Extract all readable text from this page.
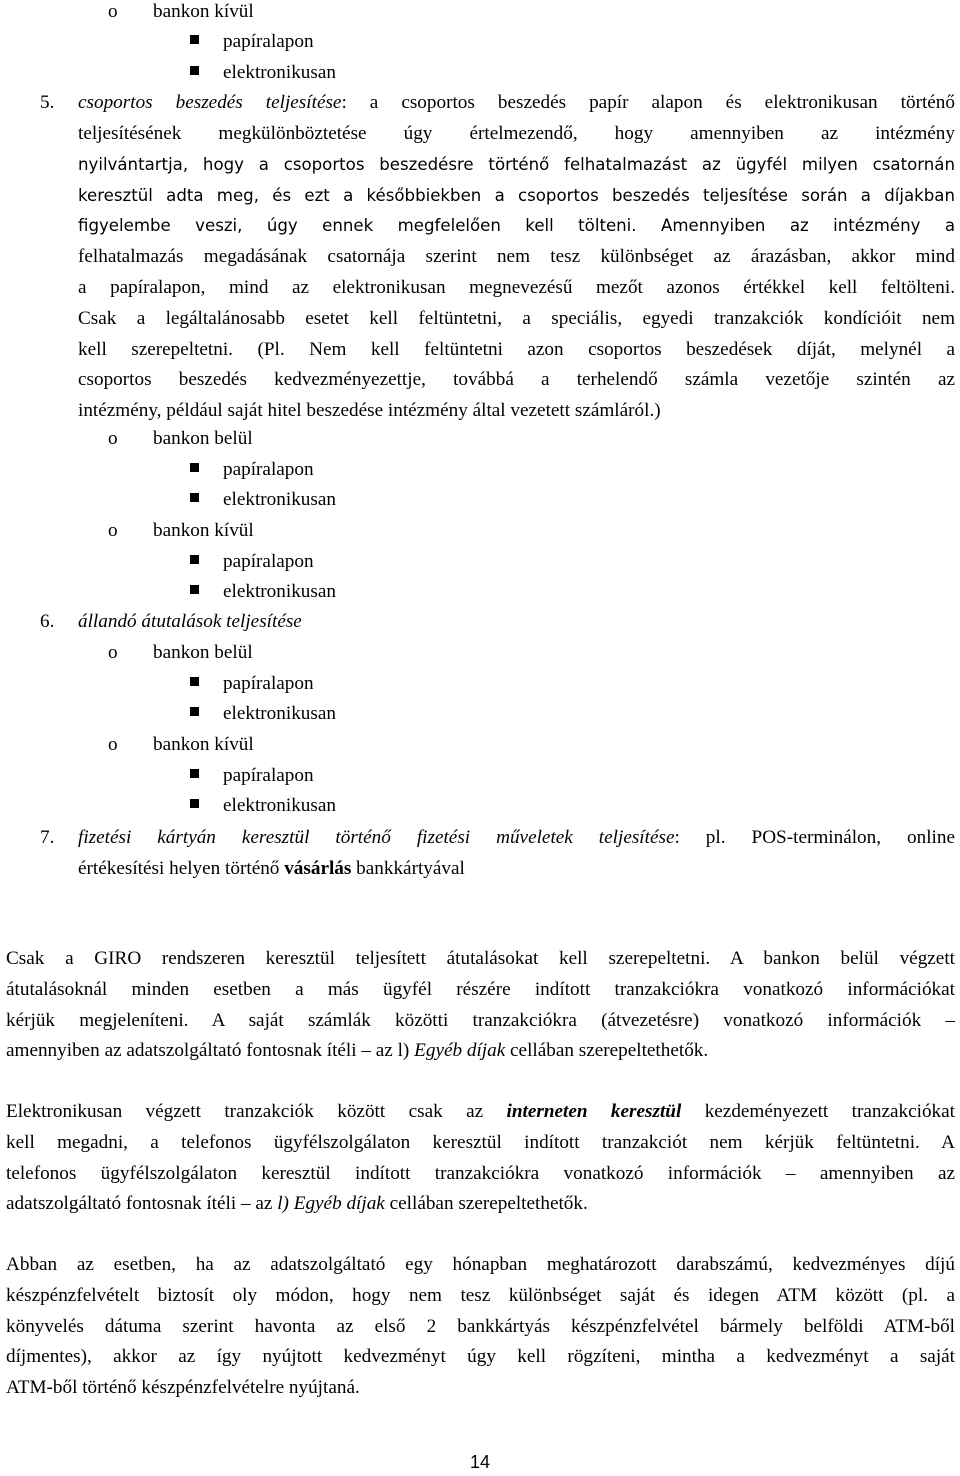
o bankon kívül
papíralapon
elektronikusan
5. csoportos beszedés teljesítése: a csoportos beszedés papír alapon és elektronikusan történő
teljesítésének megkülönböztetése úgy értelmezendő, hogy amennyiben az intézmény
nyilvántartja, hogy a csoportos beszedésre történő felhatalmazást az ügyfél milyen csatornán
keresztül adta meg, és ezt a későbbiekben a csoportos beszedés teljesítése során a díjakban
figyelembe veszi, úgy ennek megfelelően kell tölteni. Amennyiben az intézmény a
felhatalmazás megadásának csatornája szerint nem tesz különbséget az árazásban, akkor mind
a papíralapon, mind az elektronikusan megnevezésű mezőt azonos értékkel kell feltölteni.
Csak a legáltalánosabb esetet kell feltüntetni, a speciális, egyedi tranzakciók kondícióit nem
kell szerepeltetni. (Pl. Nem kell feltüntetni azon csoportos beszedések díját, melynél a
csoportos beszedés kedvezményezettje, továbbá a terhelendő számla vezetője szintén az
intézmény, például saját hitel beszedése intézmény által vezetett számláról.)
o bankon belül
papíralapon
elektronikusan
o bankon kívül
papíralapon
elektronikusan
6. állandó átutalások teljesítése
o bankon belül
papíralapon
elektronikusan
o bankon kívül
papíralapon
elektronikusan
7. fizetési kártyán keresztül történő fizetési műveletek teljesítése: pl. POS-terminálon, online
értékesítési helyen történő vásárlás bankkártyával
Csak a GIRO rendszeren keresztül teljesített átutalásokat kell szerepeltetni. A bankon belül végzett
átutalásoknál minden esetben a más ügyfél részére indított tranzakciókra vonatkozó információkat
kérjük megjeleníteni. A saját számlák közötti tranzakciókra (átvezetésre) vonatkozó információk –
amennyiben az adatszolgáltató fontosnak ítéli – az l) Egyéb díjak cellában szerepeltethetők.
Elektronikusan végzett tranzakciók között csak az interneten keresztül kezdeményezett tranzakciókat
kell megadni, a telefonos ügyfélszolgálaton keresztül indított tranzakciót nem kérjük feltüntetni. A
telefonos ügyfélszolgálaton keresztül indított tranzakciókra vonatkozó információk – amennyiben az
adatszolgáltató fontosnak ítéli – az l) Egyéb díjak cellában szerepeltethetők.
Abban az esetben, ha az adatszolgáltató egy hónapban meghatározott darabszámú, kedvezményes díjú
készpénzfelvételt biztosít oly módon, hogy nem tesz különbséget saját és idegen ATM között (pl. a
könyvelés dátuma szerint havonta az első 2 bankkártyás készpénzfelvétel bármely belföldi ATM-ből
díjmentes), akkor az így nyújtott kedvezményt úgy kell rögzíteni, mintha a kedvezményt a saját
ATM-ből történő készpénzfelvételre nyújtaná.
14
